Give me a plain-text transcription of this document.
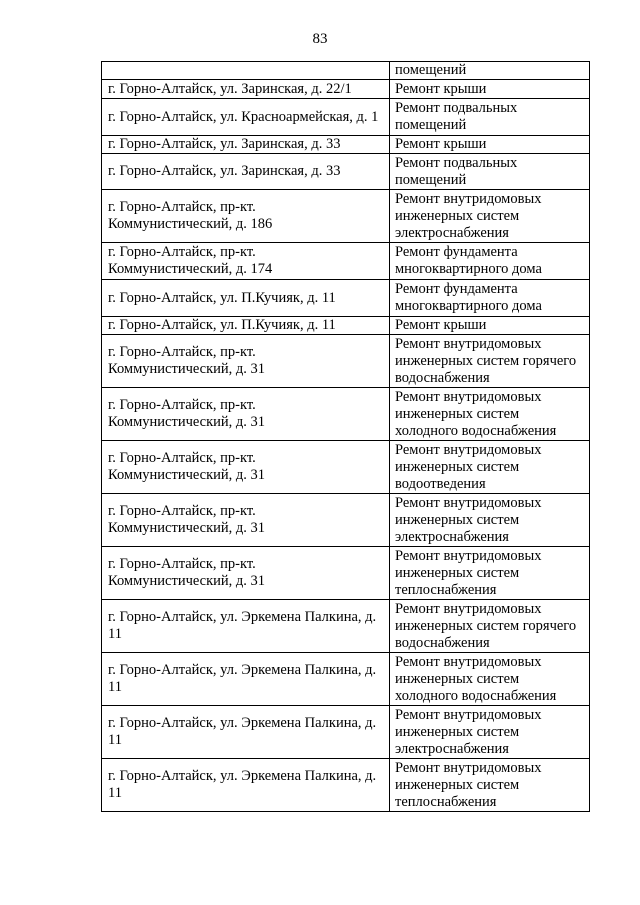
83
	помещений
г. Горно-Алтайск, ул. Заринская, д. 22/1	Ремонт крыши
г. Горно-Алтайск, ул. Красноармейская, д. 1	Ремонт подвальных помещений
г. Горно-Алтайск, ул. Заринская, д. 33	Ремонт крыши
г. Горно-Алтайск, ул. Заринская, д. 33	Ремонт подвальных помещений
г. Горно-Алтайск, пр-кт. Коммунистический, д. 186	Ремонт внутридомовых инженерных систем электроснабжения
г. Горно-Алтайск, пр-кт. Коммунистический, д. 174	Ремонт фундамента многоквартирного дома
г. Горно-Алтайск, ул. П.Кучияк, д. 11	Ремонт фундамента многоквартирного дома
г. Горно-Алтайск, ул. П.Кучияк, д. 11	Ремонт крыши
г. Горно-Алтайск, пр-кт. Коммунистический, д. 31	Ремонт внутридомовых инженерных систем горячего водоснабжения
г. Горно-Алтайск, пр-кт. Коммунистический, д. 31	Ремонт внутридомовых инженерных систем холодного водоснабжения
г. Горно-Алтайск, пр-кт. Коммунистический, д. 31	Ремонт внутридомовых инженерных систем водоотведения
г. Горно-Алтайск, пр-кт. Коммунистический, д. 31	Ремонт внутридомовых инженерных систем электроснабжения
г. Горно-Алтайск, пр-кт. Коммунистический, д. 31	Ремонт внутридомовых инженерных систем теплоснабжения
г. Горно-Алтайск, ул. Эркемена Палкина, д. 11	Ремонт внутридомовых инженерных систем горячего водоснабжения
г. Горно-Алтайск, ул. Эркемена Палкина, д. 11	Ремонт внутридомовых инженерных систем холодного водоснабжения
г. Горно-Алтайск, ул. Эркемена Палкина, д. 11	Ремонт внутридомовых инженерных систем электроснабжения
г. Горно-Алтайск, ул. Эркемена Палкина, д. 11	Ремонт внутридомовых инженерных систем теплоснабжения
